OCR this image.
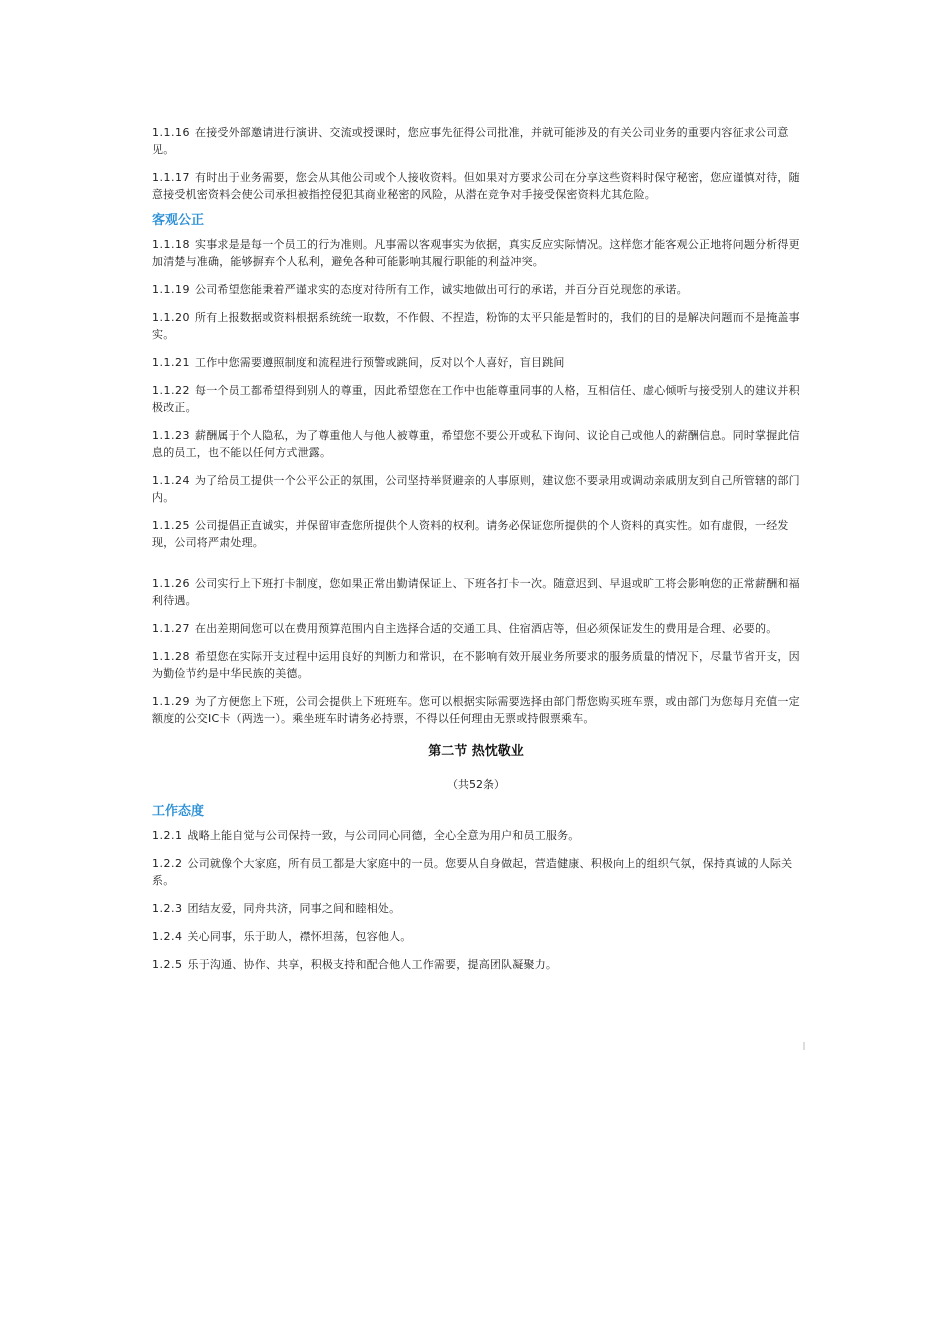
1.1.16 在接受外部邀请进行演讲、交流或授课时，您应事先征得公司批准，并就可能涉及的有关公司业务的重要内容征求公司意见。

1.1.17 有时出于业务需要，您会从其他公司或个人接收资料。但如果对方要求公司在分享这些资料时保守秘密，您应谨慎对待，随意接受机密资料会使公司承担被指控侵犯其商业秘密的风险，从潜在竞争对手接受保密资料尤其危险。

客观公正

1.1.18 实事求是是每一个员工的行为准则。凡事需以客观事实为依据，真实反应实际情况。这样您才能客观公正地将问题分析得更加清楚与准确，能够摒弃个人私利，避免各种可能影响其履行职能的利益冲突。

1.1.19 公司希望您能秉着严谨求实的态度对待所有工作，诚实地做出可行的承诺，并百分百兑现您的承诺。

1.1.20 所有上报数据或资料根据系统统一取数，不作假、不捏造，粉饰的太平只能是暂时的，我们的目的是解决问题而不是掩盖事实。

1.1.21 工作中您需要遵照制度和流程进行预警或跳间，反对以个人喜好，盲目跳间

1.1.22 每一个员工都希望得到别人的尊重，因此希望您在工作中也能尊重同事的人格，互相信任、虚心倾听与接受别人的建议并积极改正。

1.1.23 薪酬属于个人隐私，为了尊重他人与他人被尊重，希望您不要公开或私下询问、议论自己或他人的薪酬信息。同时掌握此信息的员工，也不能以任何方式泄露。

1.1.24 为了给员工提供一个公平公正的氛围，公司坚持举贤避亲的人事原则，建议您不要录用或调动亲戚朋友到自己所管辖的部门内。

1.1.25 公司提倡正直诚实，并保留审查您所提供个人资料的权利。请务必保证您所提供的个人资料的真实性。如有虚假，一经发现，公司将严肃处理。

1.1.26 公司实行上下班打卡制度，您如果正常出勤请保证上、下班各打卡一次。随意迟到、早退或旷工将会影响您的正常薪酬和福利待遇。

1.1.27 在出差期间您可以在费用预算范围内自主选择合适的交通工具、住宿酒店等，但必须保证发生的费用是合理、必要的。

1.1.28 希望您在实际开支过程中运用良好的判断力和常识，在不影响有效开展业务所要求的服务质量的情况下，尽量节省开支，因为勤俭节约是中华民族的美德。

1.1.29 为了方便您上下班，公司会提供上下班班车。您可以根据实际需要选择由部门帮您购买班车票，或由部门为您每月充值一定额度的公交IC卡（两选一）。乘坐班车时请务必持票，不得以任何理由无票或持假票乘车。

第二节 热忱敬业

（共52条）

工作态度

1.2.1 战略上能自觉与公司保持一致，与公司同心同德，全心全意为用户和员工服务。

1.2.2 公司就像个大家庭，所有员工都是大家庭中的一员。您要从自身做起，营造健康、积极向上的组织气氛，保持真诚的人际关系。

1.2.3 团结友爱，同舟共济，同事之间和睦相处。

1.2.4 关心同事，乐于助人，襟怀坦荡，包容他人。

1.2.5 乐于沟通、协作、共享，积极支持和配合他人工作需要，提高团队凝聚力。
